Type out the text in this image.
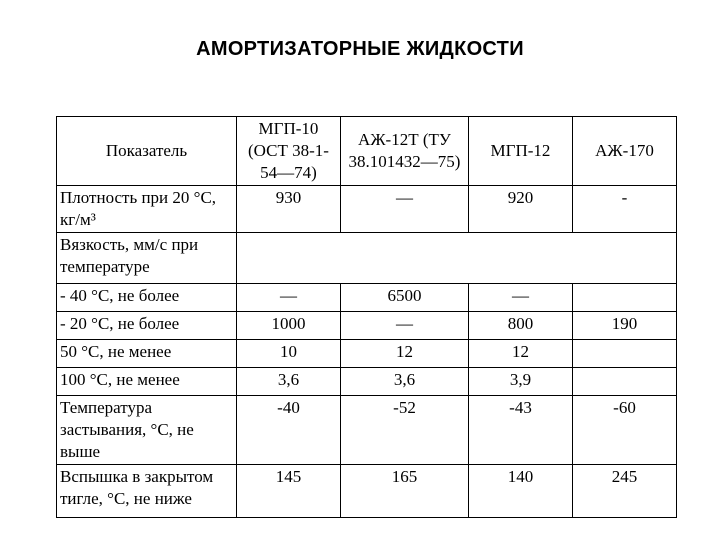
АМОРТИЗАТОРНЫЕ ЖИДКОСТИ
Показатель	МГП-10 (ОСТ 38-1-54—74)	АЖ-12Т (ТУ 38.101432—75)	МГП-12	АЖ-170
Плотность при 20 °С, кг/м³	930	—	920	-
Вязкость, мм/с при температуре				
- 40 °С, не более	—	6500	—	
- 20 °С, не более	1000	—	800	190
50 °С, не менее	10	12	12	
100 °С, не менее	3,6	3,6	3,9	
Температура застывания, °С, не выше	-40	-52	-43	-60
Вспышка в закрытом тигле, °С, не ниже	145	165	140	245
